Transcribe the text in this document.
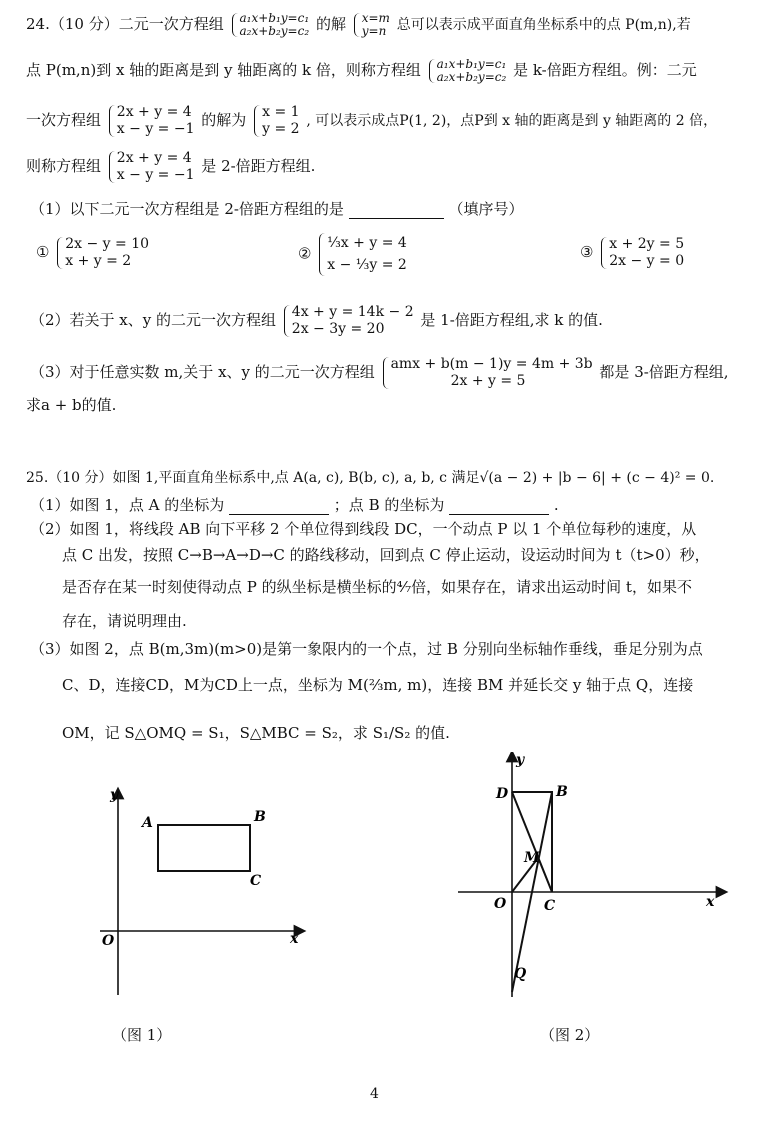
24.（10 分）二元一次方程组 a₁x+b₁y=c₁
a₂x+b₂y=c₂ 的解 x=m
y=n 总可以表示成平面直角坐标系中的点 P(m,n),若
点 P(m,n)到 x 轴的距离是到 y 轴距离的 k 倍，则称方程组 a₁x+b₁y=c₁
a₂x+b₂y=c₂ 是 k-倍距方程组。例：二元
一次方程组 2x + y = 4
x − y = −1 的解为 x = 1
y = 2 , 可以表示成点P(1, 2)，点P到 x 轴的距离是到 y 轴距离的 2 倍，
则称方程组 2x + y = 4
x − y = −1 是 2-倍距方程组.
（1）以下二元一次方程组是 2-倍距方程组的是	（填序号）
① 2x − y = 10
x + y = 2	②
⅓x + y = 4
x − ⅓y = 2
③ x + 2y = 5
2x − y = 0
（2）若关于 x、y 的二元一次方程组 4x + y = 14k − 2
2x − 3y = 20	是 1-倍距方程组,求 k 的值.
（3）对于任意实数 m,关于 x、y 的二元一次方程组 amx + b(m − 1)y = 4m + 3b
2x + y = 5	都是 3-倍距方程组,
求a + b的值.
25.（10 分）如图 1,平面直角坐标系中,点 A(a, c), B(b, c), a, b, c 满足√(a − 2) + |b − 6| + (c − 4)² = 0.
（1）如图 1，点 A 的坐标为	；点 B 的坐标为	.
（2）如图 1，将线段 AB 向下平移 2 个单位得到线段 DC，一个动点 P 以 1 个单位每秒的速度，从
点 C 出发，按照 C→B→A→D→C 的路线移动，回到点 C 停止运动，设运动时间为 t（t>0）秒，
是否存在某一时刻使得动点 P 的纵坐标是横坐标的⁴⁄₇倍，如果存在，请求出运动时间 t，如果不
存在，请说明理由.
（3）如图 2，点 B(m,3m)(m>0)是第一象限内的一个点，过 B 分别向坐标轴作垂线，垂足分别为点
C、D，连接CD，M为CD上一点，坐标为 M(⅔m, m)，连接 BM 并延长交 y 轴于点 Q，连接
OM，记 S△OMQ = S₁，S△MBC = S₂，求 S₁/S₂ 的值.
y
x
O
A	B
C
（图 1）
y
x
O
D	B
C
M
Q
（图 2）
4
